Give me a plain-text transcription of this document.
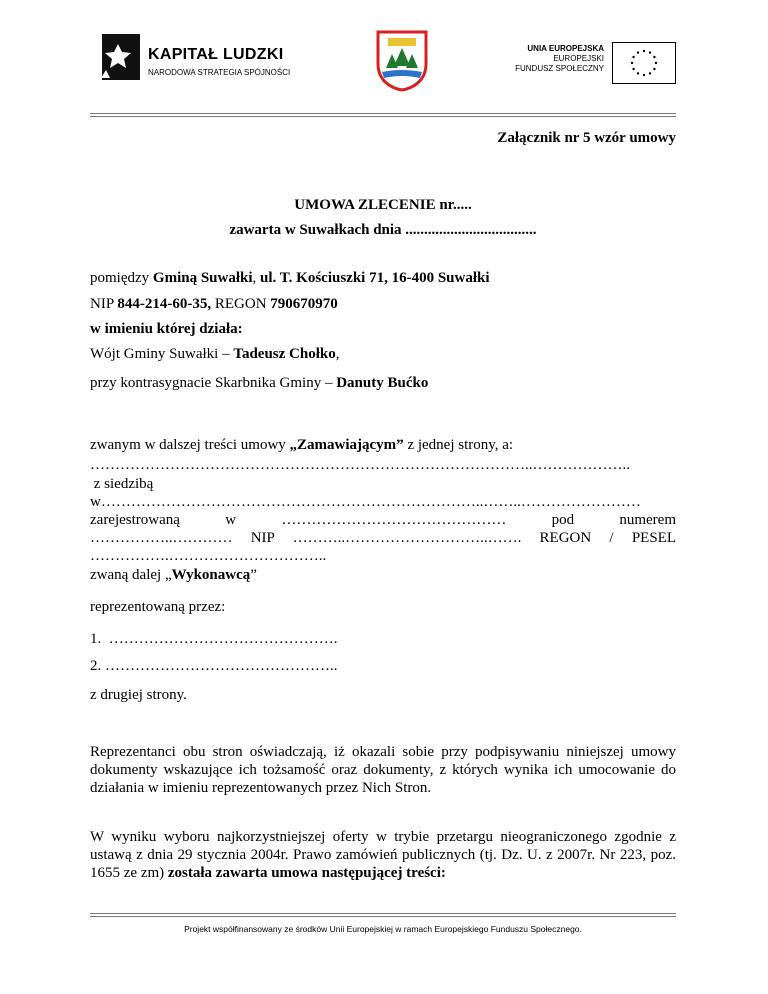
KAPITAŁ LUDZKI
NARODOWA STRATEGIA SPÓJNOŚCI
UNIA EUROPEJSKA
EUROPEJSKI
FUNDUSZ SPOŁECZNY
Załącznik nr 5 wzór umowy
UMOWA ZLECENIE nr.....
zawarta w Suwałkach dnia ...................................
pomiędzy Gminą Suwałki, ul. T. Kościuszki 71, 16-400 Suwałki
NIP 844-214-60-35, REGON 790670970
w imieniu której działa:
Wójt Gminy Suwałki – Tadeusz Chołko,
przy kontrasygnacie Skarbnika Gminy – Danuty Bućko
zwanym w dalszej treści umowy „Zamawiającym” z jednej strony, a:
……………………………………………………………………………..………………..
z siedzibą
w…………………………………………………………………..……..……………………
zarejestrowaną w ……………………………………… pod numerem
……………..………… NIP ………..………………………..……. REGON / PESEL
…………….…………………………..
zwaną dalej „Wykonawcą”
reprezentowaną przez:
1.  ……………………………………….
2. ………………………………………..
z drugiej strony.
Reprezentanci obu stron oświadczają, iż okazali sobie przy podpisywaniu niniejszej umowy dokumenty wskazujące ich tożsamość oraz dokumenty, z których wynika ich umocowanie do działania w imieniu reprezentowanych przez Nich Stron.
W wyniku wyboru najkorzystniejszej oferty w trybie przetargu nieograniczonego zgodnie z ustawą z dnia 29 stycznia 2004r. Prawo zamówień publicznych (tj. Dz. U. z 2007r. Nr 223, poz. 1655 ze zm) została zawarta umowa następującej treści:
Projekt współfinansowany ze środków Unii Europejskiej w ramach Europejskiego Funduszu Społecznego.
